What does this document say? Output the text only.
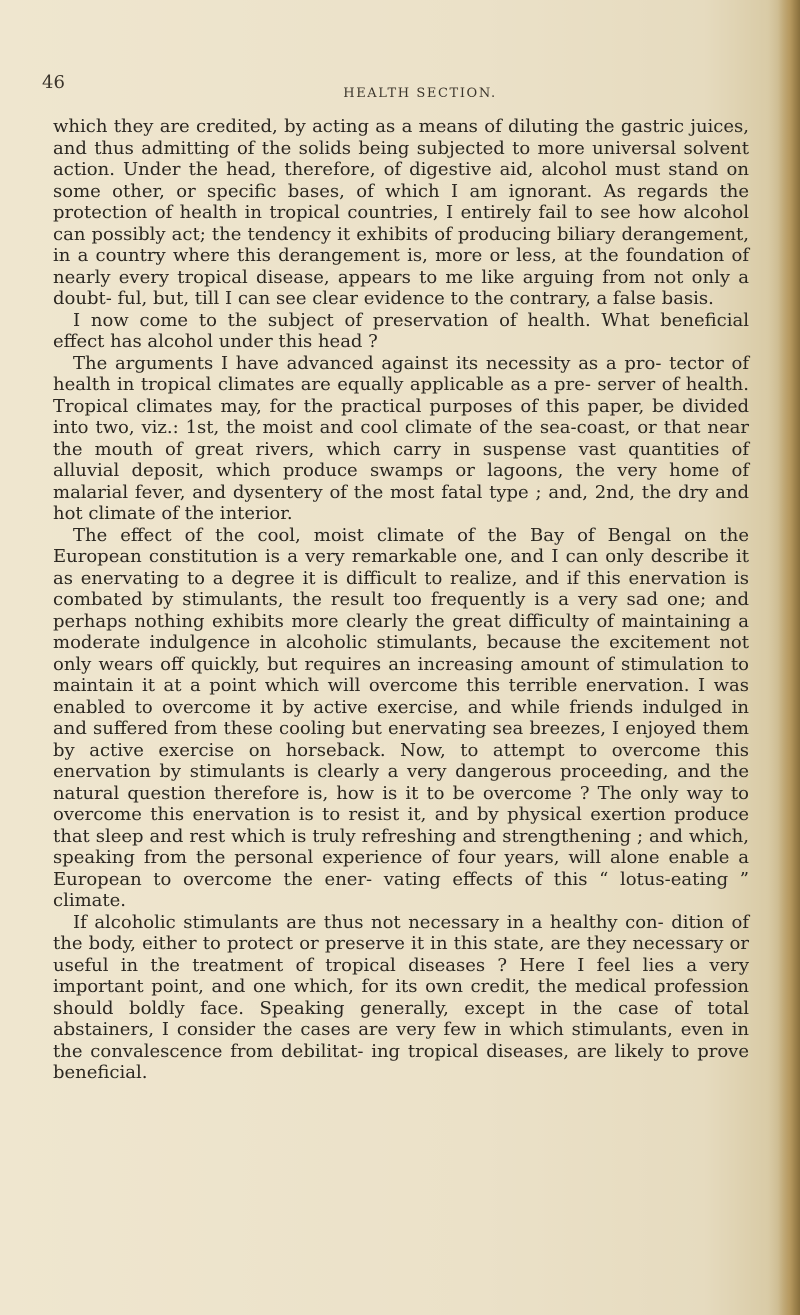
46
HEALTH SECTION.

which they are credited, by acting as a means of diluting the gastric juices, and thus admitting of the solids being subjected to more universal solvent action. Under the head, therefore, of digestive aid, alcohol must stand on some other, or specific bases, of which I am ignorant. As regards the protection of health in tropical countries, I entirely fail to see how alcohol can possibly act; the tendency it exhibits of producing biliary derangement, in a country where this derangement is, more or less, at the foundation of nearly every tropical disease, appears to me like arguing from not only a doubt- ful, but, till I can see clear evidence to the contrary, a false basis.

I now come to the subject of preservation of health. What beneficial effect has alcohol under this head ?

The arguments I have advanced against its necessity as a pro- tector of health in tropical climates are equally applicable as a pre- server of health. Tropical climates may, for the practical purposes of this paper, be divided into two, viz.: 1st, the moist and cool climate of the sea-coast, or that near the mouth of great rivers, which carry in suspense vast quantities of alluvial deposit, which produce swamps or lagoons, the very home of malarial fever, and dysentery of the most fatal type ; and, 2nd, the dry and hot climate of the interior.

The effect of the cool, moist climate of the Bay of Bengal on the European constitution is a very remarkable one, and I can only describe it as enervating to a degree it is difficult to realize, and if this enervation is combated by stimulants, the result too frequently is a very sad one; and perhaps nothing exhibits more clearly the great difficulty of maintaining a moderate indulgence in alcoholic stimulants, because the excitement not only wears off quickly, but requires an increasing amount of stimulation to maintain it at a point which will overcome this terrible enervation. I was enabled to overcome it by active exercise, and while friends indulged in and suffered from these cooling but enervating sea breezes, I enjoyed them by active exercise on horseback. Now, to attempt to overcome this enervation by stimulants is clearly a very dangerous proceeding, and the natural question therefore is, how is it to be overcome ? The only way to overcome this enervation is to resist it, and by physical exertion produce that sleep and rest which is truly refreshing and strengthening ; and which, speaking from the personal experience of four years, will alone enable a European to overcome the ener- vating effects of this “ lotus-eating ” climate.

If alcoholic stimulants are thus not necessary in a healthy con- dition of the body, either to protect or preserve it in this state, are they necessary or useful in the treatment of tropical diseases ? Here I feel lies a very important point, and one which, for its own credit, the medical profession should boldly face. Speaking generally, except in the case of total abstainers, I consider the cases are very few in which stimulants, even in the convalescence from debilitat- ing tropical diseases, are likely to prove beneficial.
